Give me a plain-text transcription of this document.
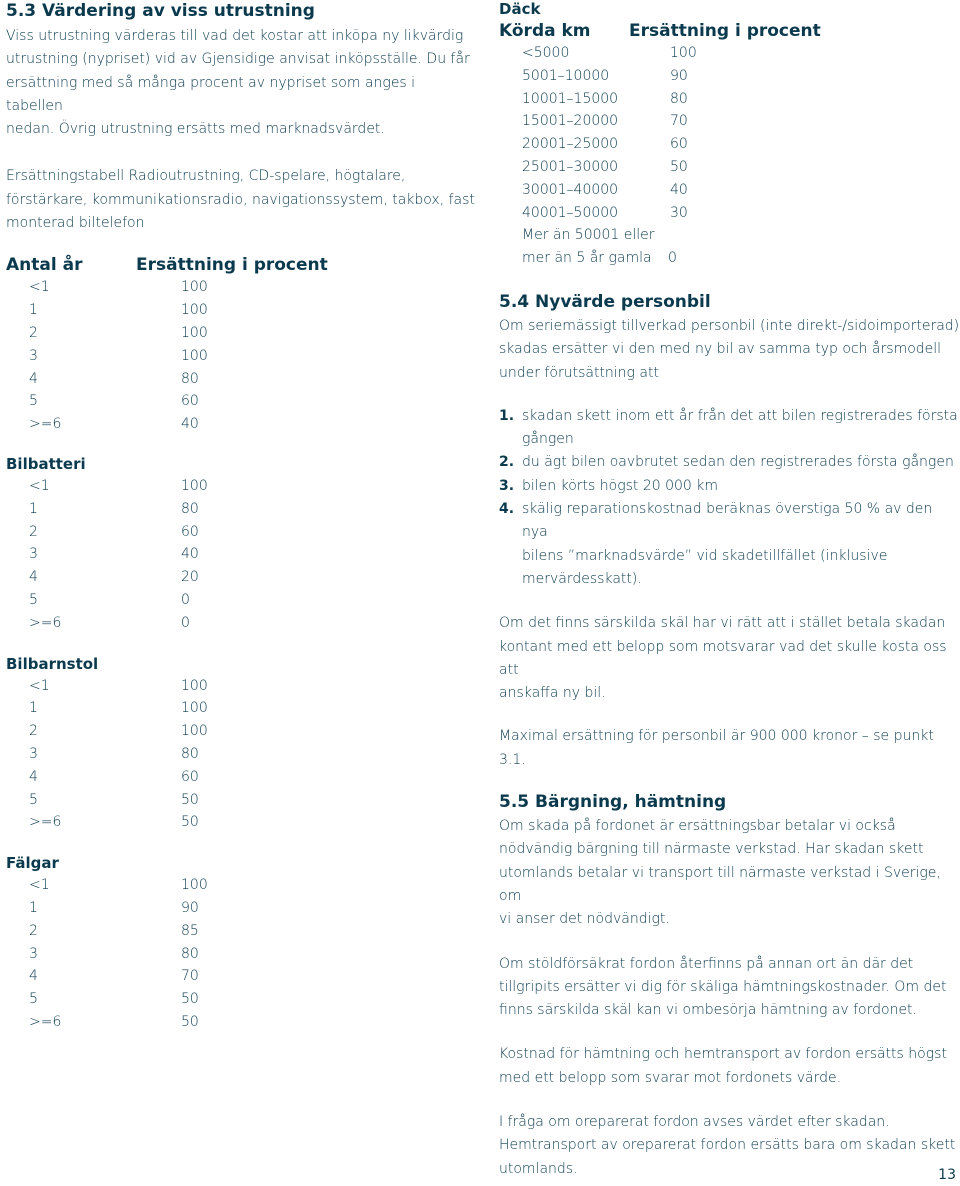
5.3 Värdering av viss utrustning
Viss utrustning värderas till vad det kostar att inköpa ny likvärdig
utrustning (nypriset) vid av Gjensidige anvisat inköpsställe. Du får
ersättning med så många procent av nypriset som anges i tabellen
nedan. Övrig utrustning ersätts med marknadsvärdet.
Ersättningstabell Radioutrustning, CD-spelare, högtalare,
förstärkare, kommunikationsradio, navigationssystem, takbox, fast
monterad biltelefon
Antal år	Ersättning i procent
<1	100
1	100
2	100
3	100
4	80
5	60
>=6	40
Bilbatteri
<1	100
1	80
2	60
3	40
4	20
5	0
>=6	0
Bilbarnstol
<1	100
1	100
2	100
3	80
4	60
5	50
>=6	50
Fälgar
<1	100
1	90
2	85
3	80
4	70
5	50
>=6	50
Däck
Körda km	Ersättning i procent
<5000	100
5001–10000	90
10001–15000	80
15001–20000	70
20001–25000	60
25001–30000	50
30001–40000	40
40001–50000	30
Mer än 50001 eller
mer än 5 år gamla	0
5.4 Nyvärde personbil
Om seriemässigt tillverkad personbil (inte direkt-/sidoimporterad)
skadas ersätter vi den med ny bil av samma typ och årsmodell
under förutsättning att
1. skadan skett inom ett år från det att bilen registrerades första
gången
2. du ägt bilen oavbrutet sedan den registrerades första gången
3. bilen körts högst 20 000 km
4. skälig reparationskostnad beräknas överstiga 50 % av den nya
bilens ”marknadsvärde” vid skadetillfället (inklusive
mervärdesskatt).
Om det finns särskilda skäl har vi rätt att i stället betala skadan
kontant med ett belopp som motsvarar vad det skulle kosta oss att
anskaffa ny bil.
Maximal ersättning för personbil är 900 000 kronor – se punkt 3.1.
5.5 Bärgning, hämtning
Om skada på fordonet är ersättningsbar betalar vi också
nödvändig bärgning till närmaste verkstad. Har skadan skett
utomlands betalar vi transport till närmaste verkstad i Sverige, om
vi anser det nödvändigt.
Om stöldförsäkrat fordon återfinns på annan ort än där det
tillgripits ersätter vi dig för skäliga hämtningskostnader. Om det
finns särskilda skäl kan vi ombesörja hämtning av fordonet.
Kostnad för hämtning och hemtransport av fordon ersätts högst
med ett belopp som svarar mot fordonets värde.
I fråga om oreparerat fordon avses värdet efter skadan.
Hemtransport av oreparerat fordon ersätts bara om skadan skett
utomlands.	13
